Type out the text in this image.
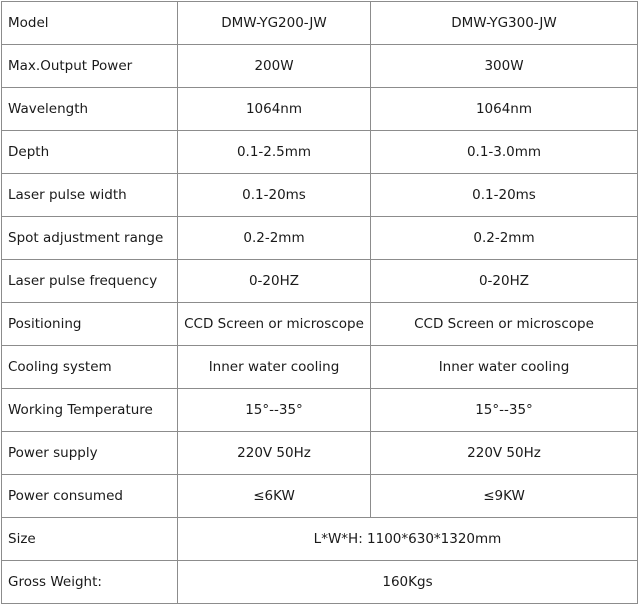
Model	DMW-YG200-JW	DMW-YG300-JW
Max.Output Power	200W	300W
Wavelength	1064nm	1064nm
Depth	0.1-2.5mm	0.1-3.0mm
Laser pulse width	0.1-20ms	0.1-20ms
Spot adjustment range	0.2-2mm	0.2-2mm
Laser pulse frequency	0-20HZ	0-20HZ
Positioning	CCD Screen or microscope	CCD Screen or microscope
Cooling system	Inner water cooling	Inner water cooling
Working Temperature	15°--35°	15°--35°
Power supply	220V 50Hz	220V 50Hz
Power consumed	≤6KW	≤9KW
Size	L*W*H: 1100*630*1320mm	
Gross Weight:	160Kgs	
